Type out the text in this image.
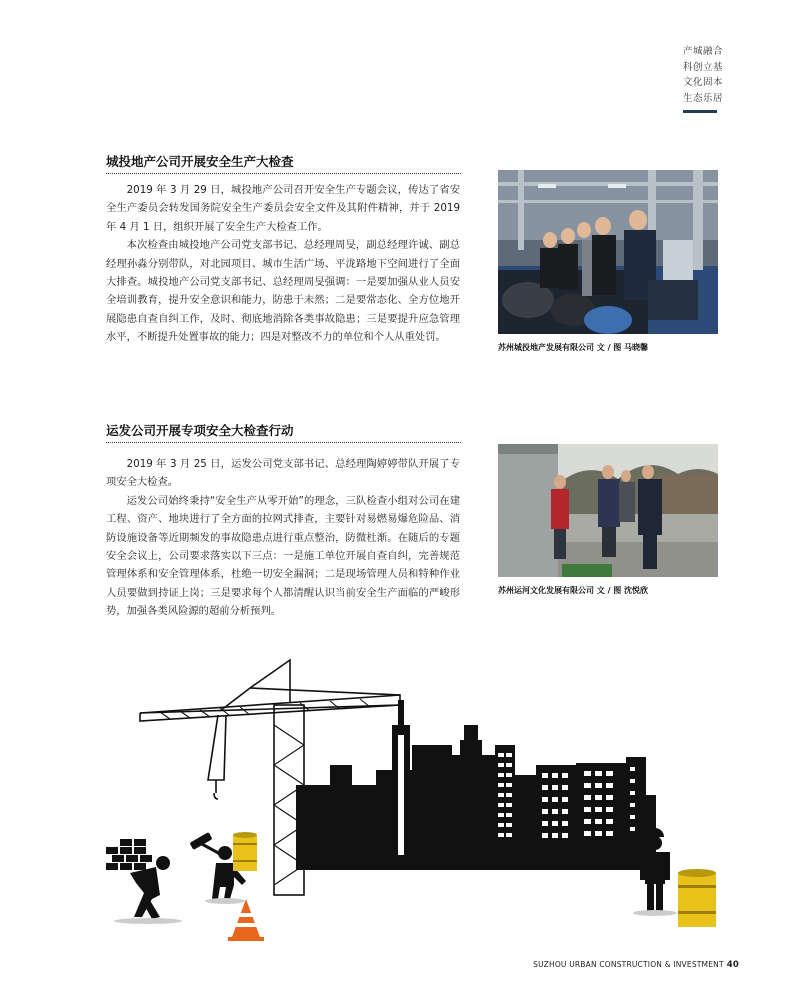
产城融合
科创立基
文化固本
生态乐居
城投地产公司开展安全生产大检查

2019 年 3 月 29 日，城投地产公司召开安全生产专题会议，传达了省安全生产委员会转发国务院安全生产委员会安全文件及其附件精神，并于 2019 年 4 月 1 日，组织开展了安全生产大检查工作。

本次检查由城投地产公司党支部书记、总经理周旻，副总经理许诚、副总经理孙淼分别带队，对北园项目、城市生活广场、平泷路地下空间进行了全面大排查。城投地产公司党支部书记、总经理周旻强调：一是要加强从业人员安全培训教育，提升安全意识和能力，防患于未然；二是要常态化、全方位地开展隐患自查自纠工作，及时、彻底地消除各类事故隐患；三是要提升应急管理水平，不断提升处置事故的能力；四是对整改不力的单位和个人从重处罚。

苏州城投地产发展有限公司 文 / 图 马晓馨
运发公司开展专项安全大检查行动

2019 年 3 月 25 日，运发公司党支部书记、总经理陶婷婷带队开展了专项安全大检查。

运发公司始终秉持“安全生产从零开始”的理念，三队检查小组对公司在建工程、资产、地块进行了全方面的拉网式排查，主要针对易燃易爆危险品、消防设施设备等近期频发的事故隐患点进行重点整治，防微杜渐。在随后的专题安全会议上，公司要求落实以下三点：一是施工单位开展自查自纠，完善规范管理体系和安全管理体系，杜绝一切安全漏洞；二是现场管理人员和特种作业人员要做到持证上岗；三是要求每个人都清醒认识当前安全生产面临的严峻形势，加强各类风险源的超前分析预判。

苏州运河文化发展有限公司 文 / 图 沈悦欣
SUZHOU URBAN CONSTRUCTION & INVESTMENT 40
